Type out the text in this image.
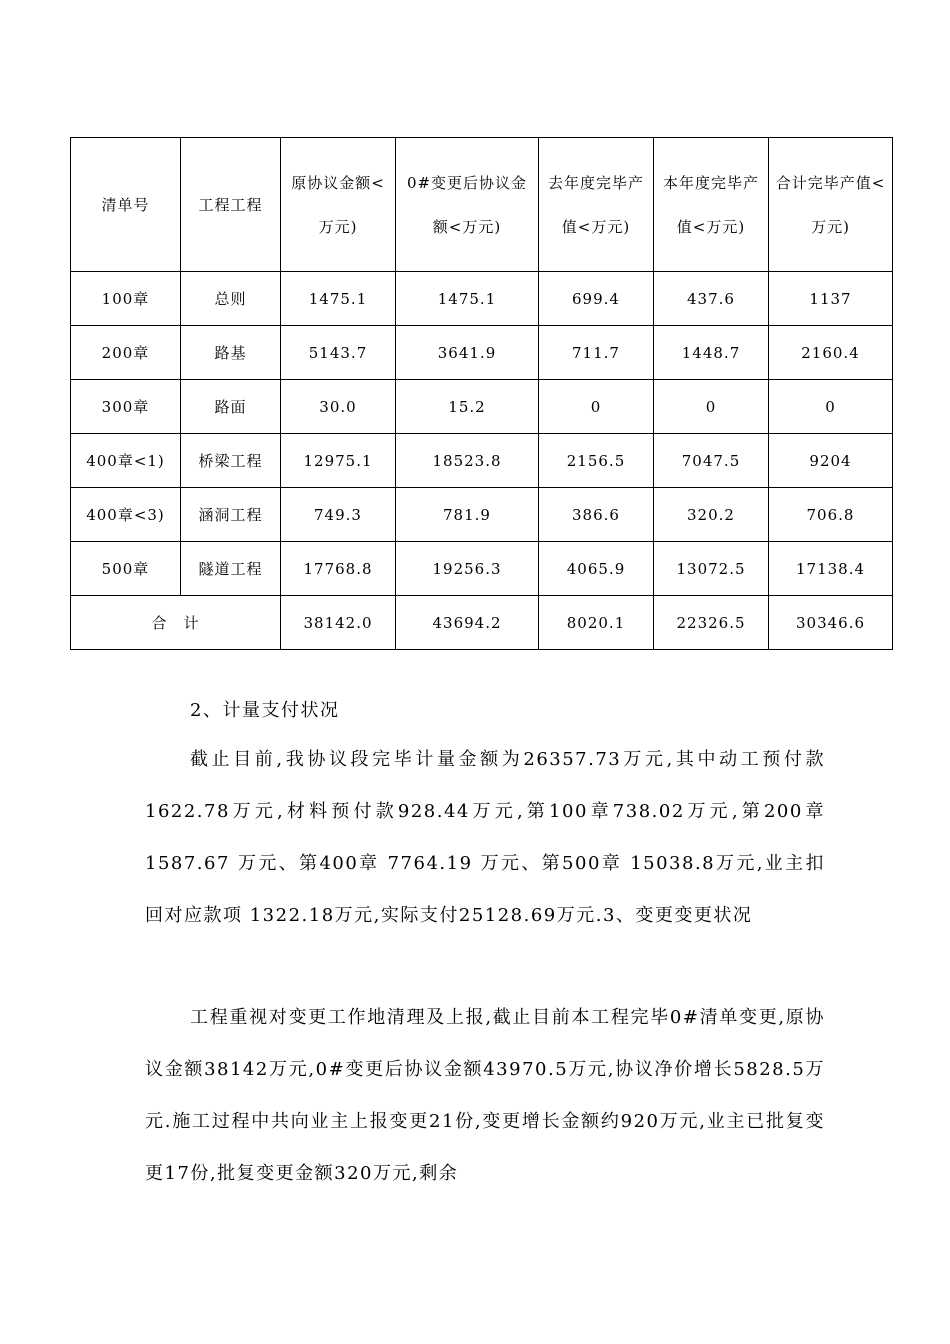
清单号	工程工程	原协议金额<万元)	0#变更后协议金额<万元)	去年度完毕产值<万元)	本年度完毕产值<万元)	合计完毕产值<万元)
100章	总则	1475.1	1475.1	699.4	437.6	1137
200章	路基	5143.7	3641.9	711.7	1448.7	2160.4
300章	路面	30.0	15.2	0	0	0
400章<1)	桥梁工程	12975.1	18523.8	2156.5	7047.5	9204
400章<3)	涵洞工程	749.3	781.9	386.6	320.2	706.8
500章	隧道工程	17768.8	19256.3	4065.9	13072.5	17138.4
合　计		38142.0	43694.2	8020.1	22326.5	30346.6
2、计量支付状况

截止目前,我协议段完毕计量金额为26357.73万元,其中动工预付款1622.78万元,材料预付款928.44万元,第100章738.02万元,第200章1587.67 万元、第400章 7764.19 万元、第500章 15038.8万元,业主扣回对应款项 1322.18万元,实际支付25128.69万元.3、变更变更状况

工程重视对变更工作地清理及上报,截止目前本工程完毕0#清单变更,原协议金额38142万元,0#变更后协议金额43970.5万元,协议净价增长5828.5万元.施工过程中共向业主上报变更21份,变更增长金额约920万元,业主已批复变更17份,批复变更金额320万元,剩余
